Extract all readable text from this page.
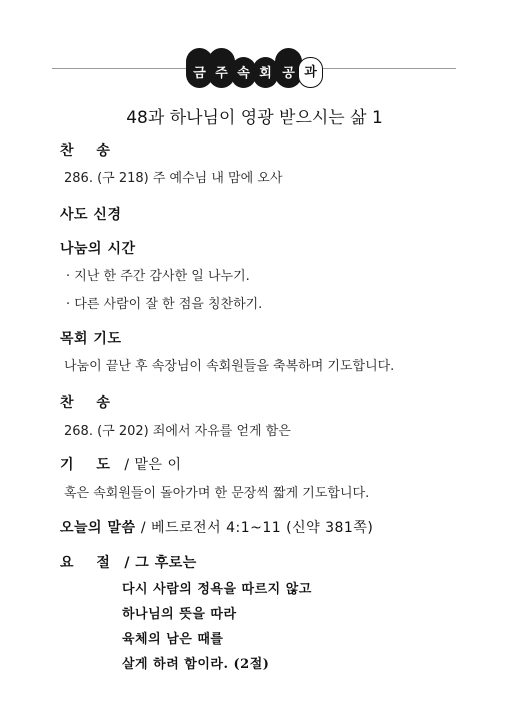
금 주 속 회 공 과
48과 하나님이 영광 받으시는 삶 1
찬 송
286. (구 218) 주 예수님 내 맘에 오사
사도 신경
나눔의 시간
· 지난 한 주간 감사한 일 나누기.
· 다른 사람이 잘 한 점을 칭찬하기.
목회 기도
나눔이 끝난 후 속장님이 속회원들을 축복하며 기도합니다.
찬 송
268. (구 202) 죄에서 자유를 얻게 함은
기 도 / 맡은 이
혹은 속회원들이 돌아가며 한 문장씩 짧게 기도합니다.
오늘의 말씀 / 베드로전서 4:1~11 (신약 381쪽)
요 절 / 그 후로는
다시 사람의 정욕을 따르지 않고
하나님의 뜻을 따라
육체의 남은 때를
살게 하려 함이라. (2절)
